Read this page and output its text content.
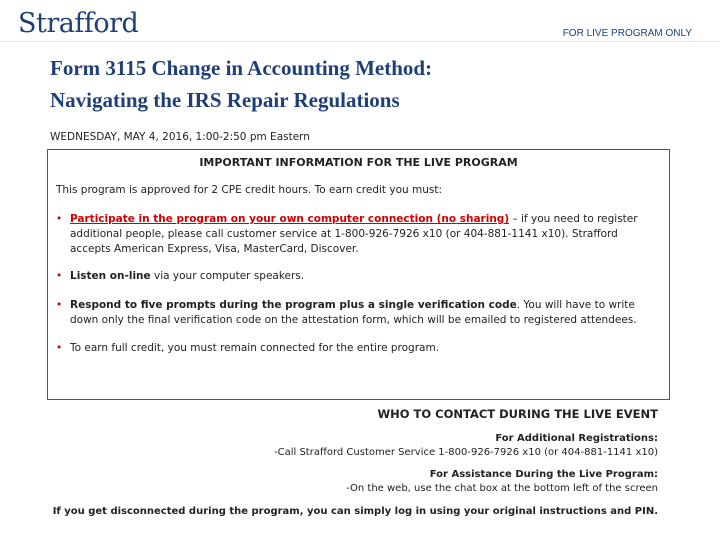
Strafford	FOR LIVE PROGRAM ONLY
Form 3115 Change in Accounting Method:
Navigating the IRS Repair Regulations
WEDNESDAY, MAY 4, 2016, 1:00-2:50 pm Eastern
IMPORTANT INFORMATION FOR THE LIVE PROGRAM
This program is approved for 2 CPE credit hours. To earn credit you must:
• Participate in the program on your own computer connection (no sharing) – if you need to register additional people, please call customer service at 1-800-926-7926 x10 (or 404-881-1141 x10). Strafford accepts American Express, Visa, MasterCard, Discover.
• Listen on-line via your computer speakers.
• Respond to five prompts during the program plus a single verification code. You will have to write down only the final verification code on the attestation form, which will be emailed to registered attendees.
• To earn full credit, you must remain connected for the entire program.
WHO TO CONTACT DURING THE LIVE EVENT
For Additional Registrations:
-Call Strafford Customer Service 1-800-926-7926 x10 (or 404-881-1141 x10)
For Assistance During the Live Program:
-On the web, use the chat box at the bottom left of the screen
If you get disconnected during the program, you can simply log in using your original instructions and PIN.
